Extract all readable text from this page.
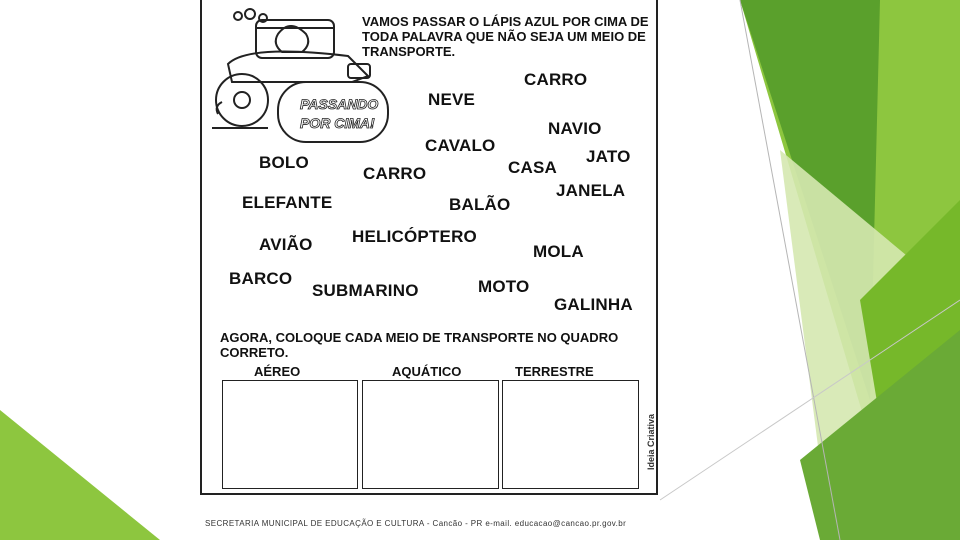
PASSANDO
POR CIMA!
VAMOS PASSAR O LÁPIS AZUL POR CIMA DE TODA PALAVRA QUE NÃO SEJA UM MEIO DE TRANSPORTE.
CARRO
NEVE
NAVIO
CAVALO
BOLO	CASA
JATO
CARRO
JANELA
ELEFANTE	BALÃO
HELICÓPTERO
AVIÃO	MOLA
BARCO
SUBMARINO	MOTO
GALINHA
AGORA, COLOQUE CADA MEIO DE TRANSPORTE NO QUADRO CORRETO.
AÉREO	AQUÁTICO	TERRESTRE
Ideia Criativa
SECRETARIA MUNICIPAL DE EDUCAÇÃO E CULTURA - Cancão - PR e-mail. educacao@cancao.pr.gov.br
